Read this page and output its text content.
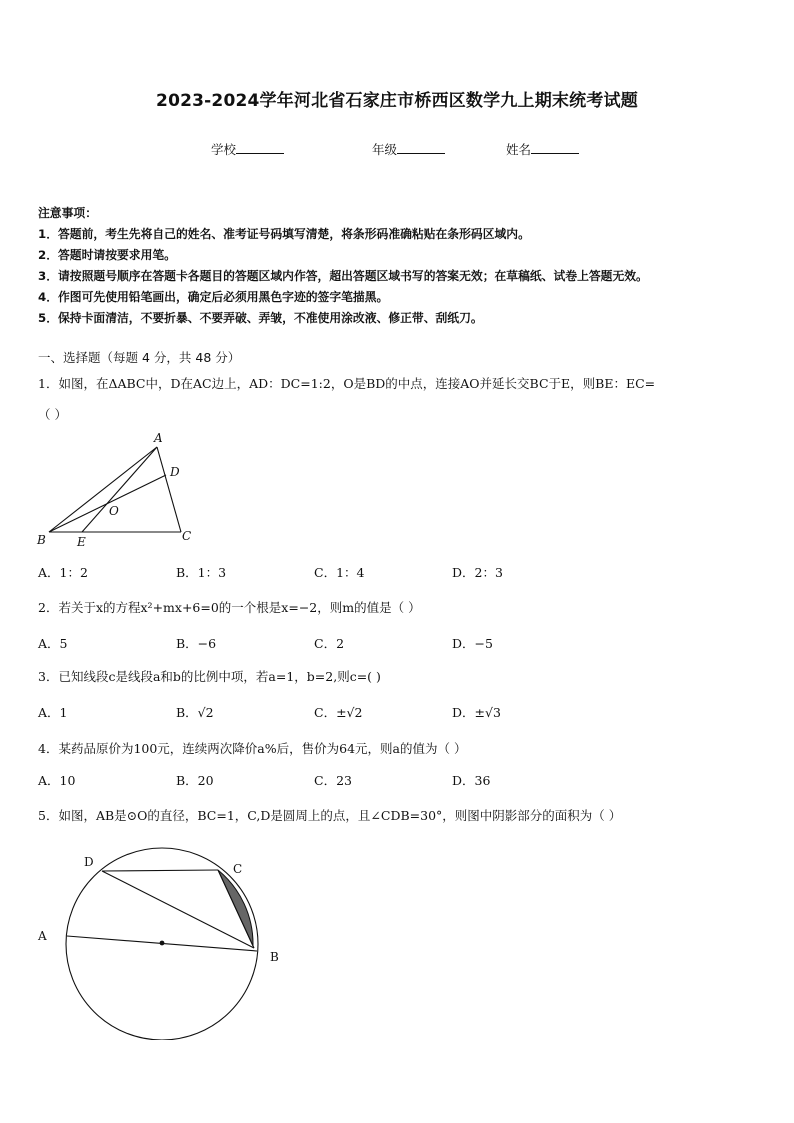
2023-2024学年河北省石家庄市桥西区数学九上期末统考试题
学校	年级	姓名
注意事项：
1．答题前，考生先将自己的姓名、准考证号码填写清楚，将条形码准确粘贴在条形码区域内。
2．答题时请按要求用笔。
3．请按照题号顺序在答题卡各题目的答题区域内作答，超出答题区域书写的答案无效；在草稿纸、试卷上答题无效。
4．作图可先使用铅笔画出，确定后必须用黑色字迹的签字笔描黑。
5．保持卡面清洁，不要折暴、不要弄破、弄皱，不准使用涂改液、修正带、刮纸刀。
一、选择题（每题 4 分，共 48 分）
1．如图，在ΔABC中，D在AC边上，AD：DC=1:2，O是BD的中点，连接AO并延长交BC于E，则BE：EC=
（ ）
A
D
O
B	E	C
A．1：2	B．1：3	C．1：4	D．2：3
2．若关于x的方程x²+mx+6=0的一个根是x=−2，则m的值是（ ）
A．5	B．−6	C．2	D．−5
3．已知线段c是线段a和b的比例中项，若a=1，b=2,则c=( )
A．1	B．√2	C．±√2	D．±√3
4．某药品原价为100元，连续两次降价a%后，售价为64元，则a的值为（ ）
A．10	B．20	C．23	D．36
5．如图，AB是⊙O的直径，BC=1，C,D是圆周上的点，且∠CDB=30°，则图中阴影部分的面积为（ ）
D	C
A
B
